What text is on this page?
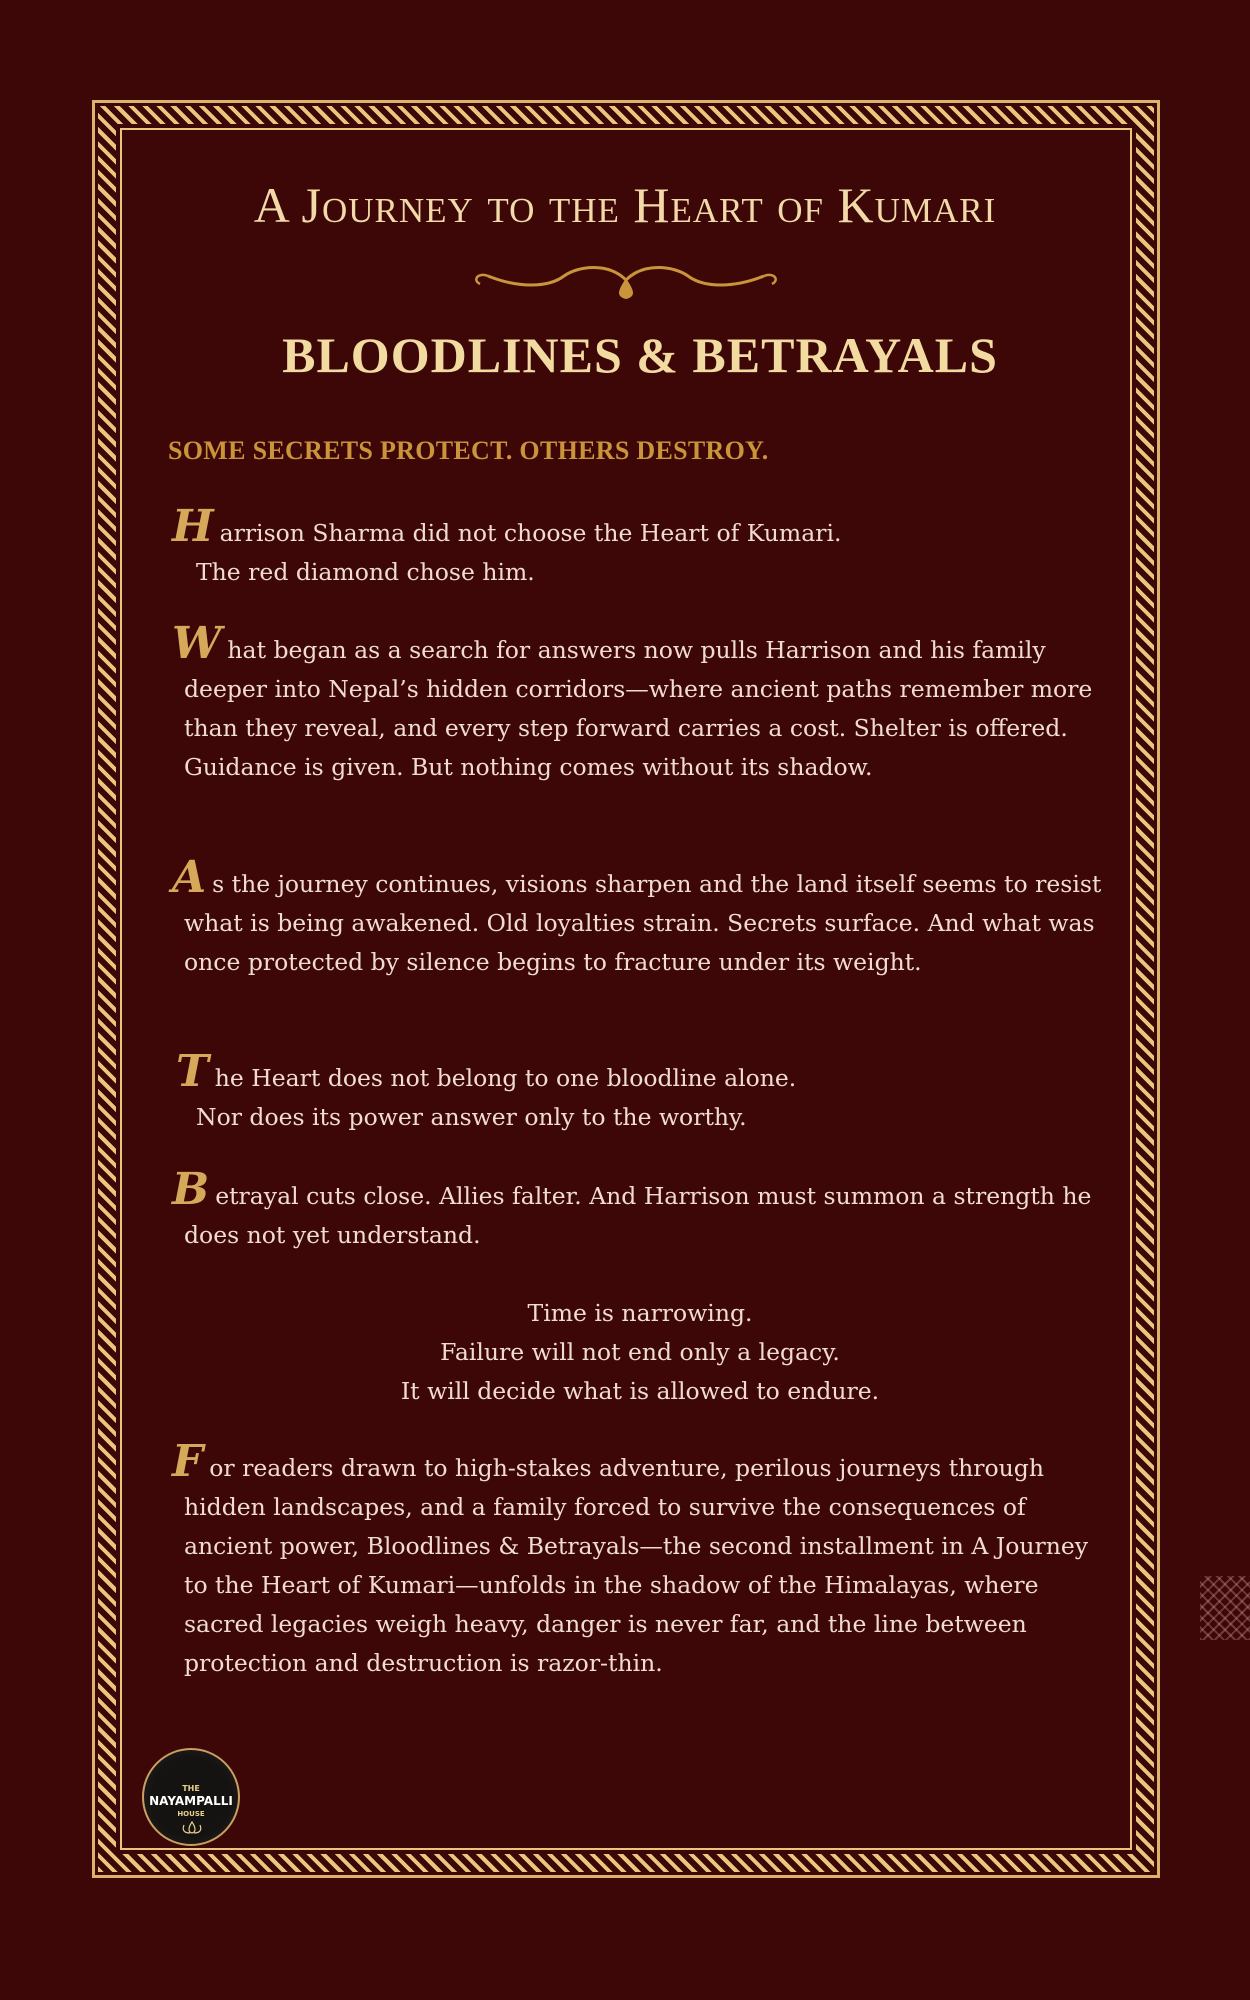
A Journey to the Heart of Kumari
BLOODLINES & BETRAYALS

SOME SECRETS PROTECT. OTHERS DESTROY.

Harrison Sharma did not choose the Heart of Kumari.
The red diamond chose him.

What began as a search for answers now pulls Harrison and his family deeper into Nepal’s hidden corridors—where ancient paths remember more than they reveal, and every step forward carries a cost. Shelter is offered. Guidance is given. But nothing comes without its shadow.

As the journey continues, visions sharpen and the land itself seems to resist what is being awakened. Old loyalties strain. Secrets surface. And what was once protected by silence begins to fracture under its weight.

The Heart does not belong to one bloodline alone.
Nor does its power answer only to the worthy.

Betrayal cuts close. Allies falter. And Harrison must summon a strength he does not yet understand.

Time is narrowing.
Failure will not end only a legacy.
It will decide what is allowed to endure.

For readers drawn to high-stakes adventure, perilous journeys through hidden landscapes, and a family forced to survive the consequences of ancient power, Bloodlines & Betrayals—the second installment in A Journey to the Heart of Kumari—unfolds in the shadow of the Himalayas, where sacred legacies weigh heavy, danger is never far, and the line between protection and destruction is razor-thin.

THE
NAYAMPALLI
HOUSE
